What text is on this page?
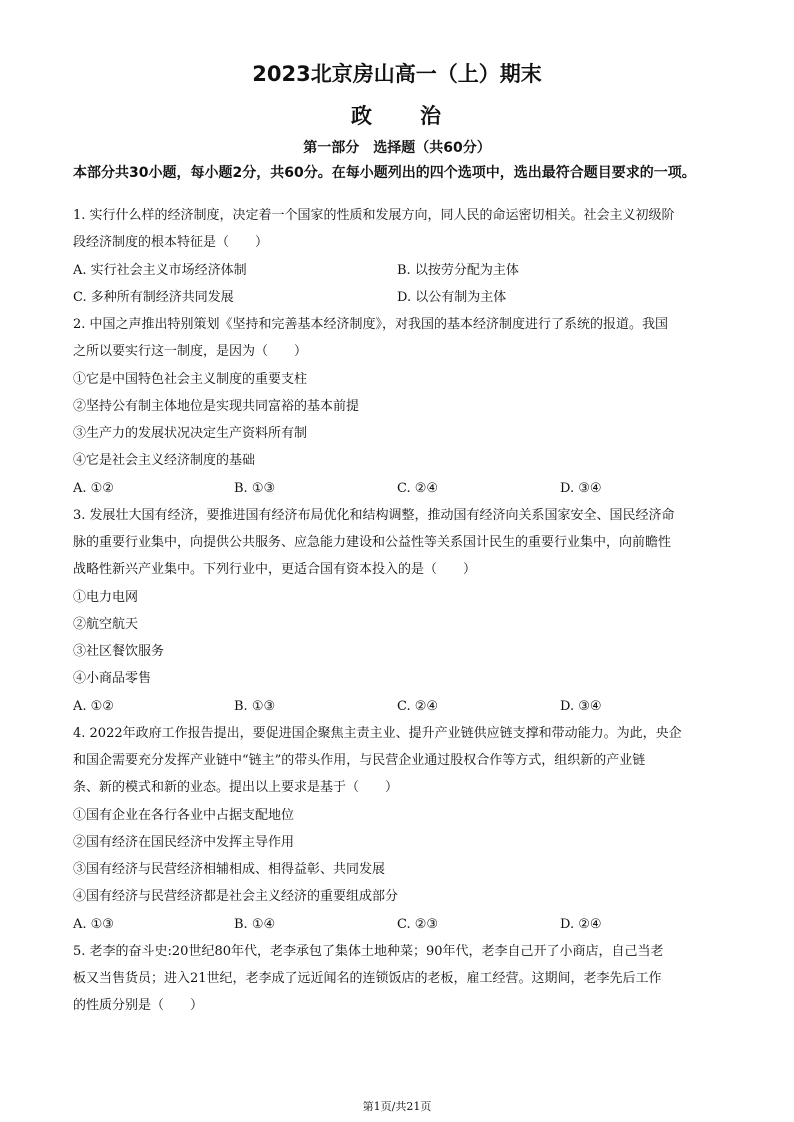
2023北京房山高一（上）期末
政　　治
第一部分　选择题（共60分）

本部分共30小题，每小题2分，共60分。在每小题列出的四个选项中，选出最符合题目要求的一项。

1. 实行什么样的经济制度，决定着一个国家的性质和发展方向，同人民的命运密切相关。社会主义初级阶
段经济制度的根本特征是（　　）
A. 实行社会主义市场经济体制	B. 以按劳分配为主体
C. 多种所有制经济共同发展	D. 以公有制为主体
2. 中国之声推出特别策划《坚持和完善基本经济制度》，对我国的基本经济制度进行了系统的报道。我国
之所以要实行这一制度，是因为（　　）
①它是中国特色社会主义制度的重要支柱
②坚持公有制主体地位是实现共同富裕的基本前提
③生产力的发展状况决定生产资料所有制
④它是社会主义经济制度的基础
A. ①②	B. ①③	C. ②④	D. ③④
3. 发展壮大国有经济，要推进国有经济布局优化和结构调整，推动国有经济向关系国家安全、国民经济命
脉的重要行业集中，向提供公共服务、应急能力建设和公益性等关系国计民生的重要行业集中，向前瞻性
战略性新兴产业集中。下列行业中，更适合国有资本投入的是（　　）
①电力电网
②航空航天
③社区餐饮服务
④小商品零售
A. ①②	B. ①③	C. ②④	D. ③④
4. 2022年政府工作报告提出，要促进国企聚焦主责主业、提升产业链供应链支撑和带动能力。为此，央企
和国企需要充分发挥产业链中“链主”的带头作用，与民营企业通过股权合作等方式，组织新的产业链
条、新的模式和新的业态。提出以上要求是基于（　　）
①国有企业在各行各业中占据支配地位
②国有经济在国民经济中发挥主导作用
③国有经济与民营经济相辅相成、相得益彰、共同发展
④国有经济与民营经济都是社会主义经济的重要组成部分
A. ①③	B. ①④	C. ②③	D. ②④
5. 老李的奋斗史:20世纪80年代，老李承包了集体土地种菜；90年代，老李自己开了小商店，自己当老
板又当售货员；进入21世纪，老李成了远近闻名的连锁饭店的老板，雇工经营。这期间，老李先后工作
的性质分别是（　　）
第1页/共21页
